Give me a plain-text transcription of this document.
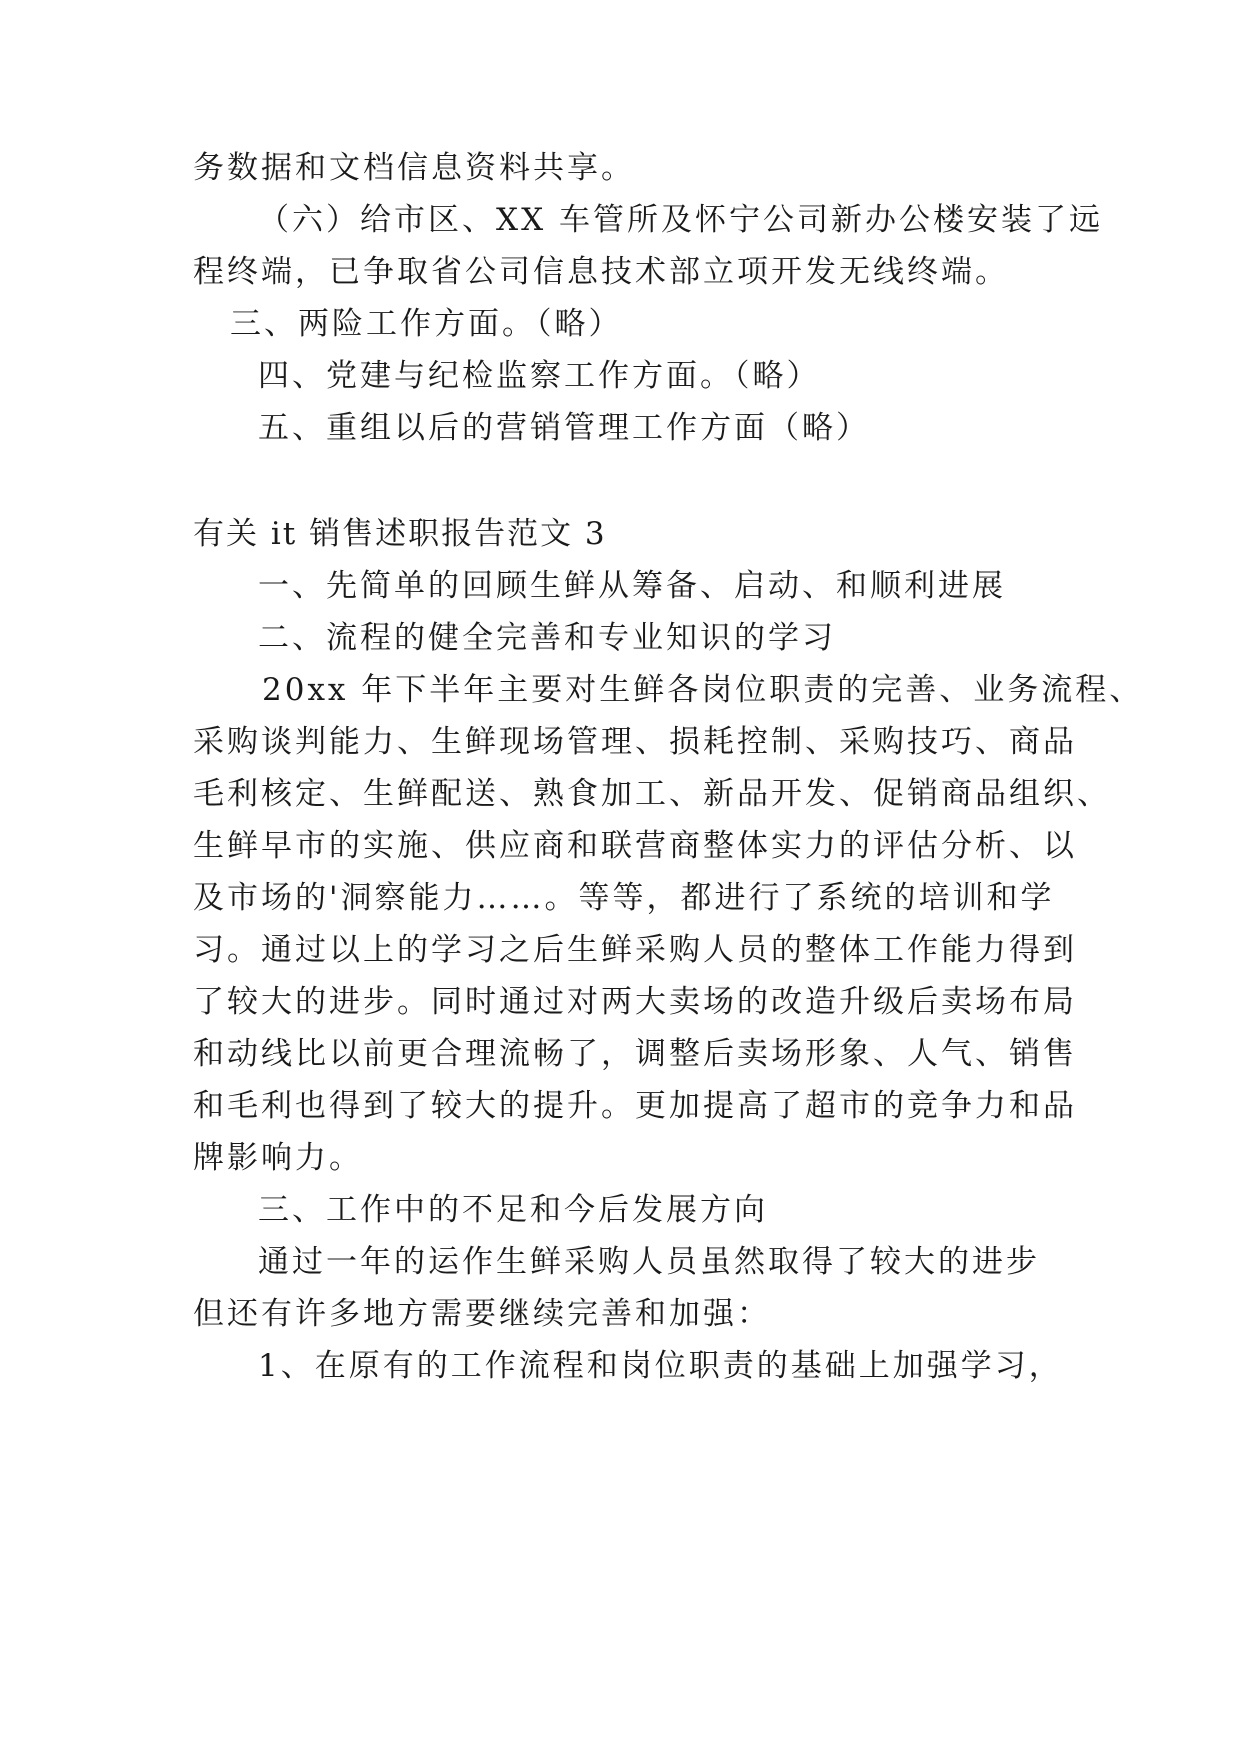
务数据和文档信息资料共享。
（六）给市区、XX 车管所及怀宁公司新办公楼安装了远
程终端，已争取省公司信息技术部立项开发无线终端。
三、两险工作方面。（略）
四、党建与纪检监察工作方面。（略）
五、重组以后的营销管理工作方面（略）
有关 it 销售述职报告范文 3
一、先简单的回顾生鲜从筹备、启动、和顺利进展
二、流程的健全完善和专业知识的学习
20xx 年下半年主要对生鲜各岗位职责的完善、业务流程、
采购谈判能力、生鲜现场管理、损耗控制、采购技巧、商品
毛利核定、生鲜配送、熟食加工、新品开发、促销商品组织、
生鲜早市的实施、供应商和联营商整体实力的评估分析、以
及市场的'洞察能力……。等等，都进行了系统的培训和学
习。通过以上的学习之后生鲜采购人员的整体工作能力得到
了较大的进步。同时通过对两大卖场的改造升级后卖场布局
和动线比以前更合理流畅了，调整后卖场形象、人气、销售
和毛利也得到了较大的提升。更加提高了超市的竞争力和品
牌影响力。
三、工作中的不足和今后发展方向
通过一年的运作生鲜采购人员虽然取得了较大的进步
但还有许多地方需要继续完善和加强：
1、在原有的工作流程和岗位职责的基础上加强学习，
